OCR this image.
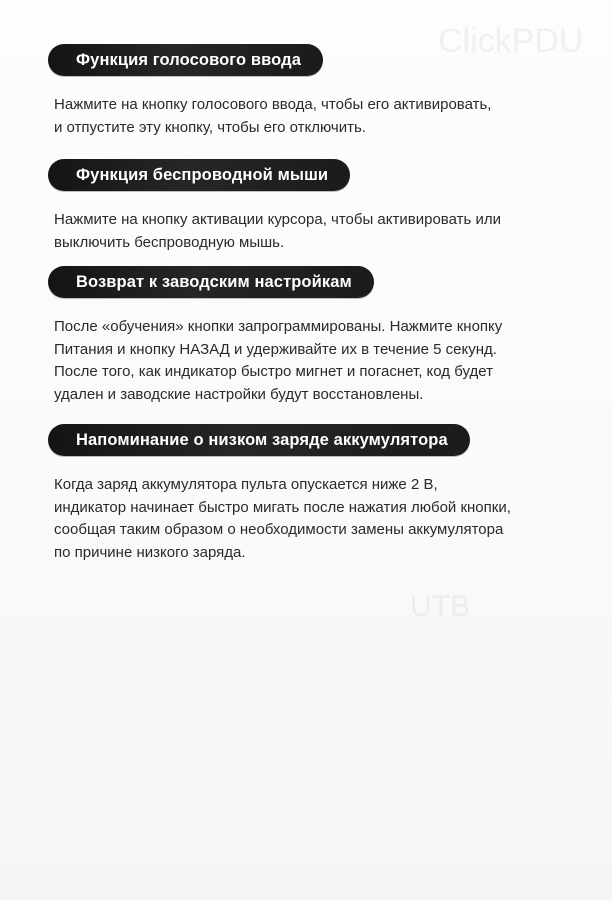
ClickPDU
UTB
Функция голосового ввода
Нажмите на кнопку голосового ввода, чтобы его активировать,
и отпустите эту кнопку, чтобы его отключить.
Функция беспроводной мыши
Нажмите на кнопку активации курсора, чтобы активировать или
выключить беспроводную мышь.
Возврат к заводским настройкам
После «обучения» кнопки запрограммированы. Нажмите кнопку
Питания и кнопку НАЗАД и удерживайте их в течение 5 секунд.
После того, как индикатор быстро мигнет и погаснет, код будет
удален и заводские настройки будут восстановлены.
Напоминание о низком заряде аккумулятора
Когда заряд аккумулятора пульта опускается ниже 2 В,
индикатор начинает быстро мигать после нажатия любой кнопки,
сообщая таким образом о необходимости замены аккумулятора
по причине низкого заряда.
